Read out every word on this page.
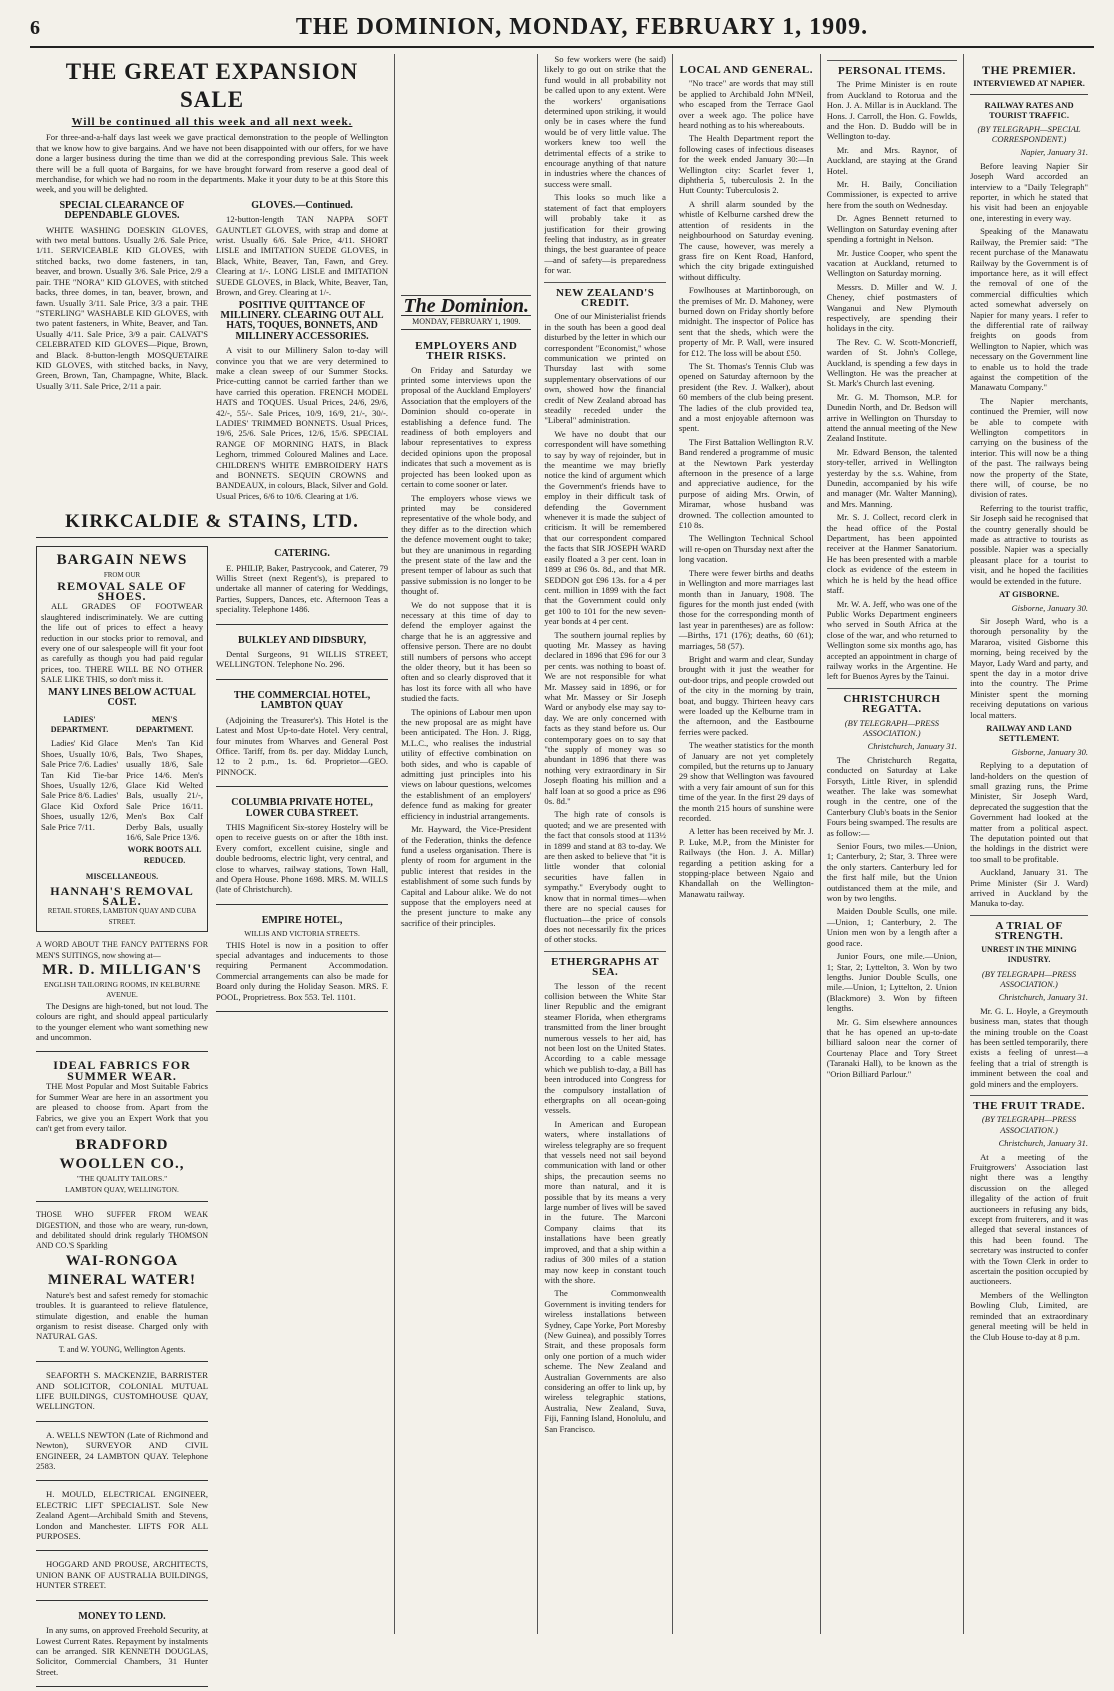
6	THE DOMINION, MONDAY, FEBRUARY 1, 1909.
THE GREAT EXPANSION SALE
Will be continued all this week and all next week.

For three-and-a-half days last week we gave practical demonstration to the people of Wellington that we know how to give bargains. And we have not been disappointed with our offers, for we have done a larger business during the time than we did at the corresponding previous Sale. This week there will be a full quota of Bargains, for we have brought forward from reserve a good deal of merchandise, for which we had no room in the departments. Make it your duty to be at this Store this week, and you will be delighted.

SPECIAL CLEARANCE OF DEPENDABLE GLOVES.

WHITE WASHING DOESKIN GLOVES, with two metal buttons. Usually 2/6. Sale Price, 1/11. SERVICEABLE KID GLOVES, with stitched backs, two dome fasteners, in tan, beaver, and brown. Usually 3/6. Sale Price, 2/9 a pair. THE "NORA" KID GLOVES, with stitched backs, three domes, in tan, beaver, brown, and fawn. Usually 3/11. Sale Price, 3/3 a pair. THE "STERLING" WASHABLE KID GLOVES, with two patent fasteners, in White, Beaver, and Tan. Usually 4/11. Sale Price, 3/9 a pair. CALVAT'S CELEBRATED KID GLOVES—Pique, Brown, and Black. 8-button-length MOSQUETAIRE KID GLOVES, with stitched backs, in Navy, Green, Brown, Tan, Champagne, White, Black. Usually 3/11. Sale Price, 2/11 a pair.

GLOVES.—Continued.

12-button-length TAN NAPPA SOFT GAUNTLET GLOVES, with strap and dome at wrist. Usually 6/6. Sale Price, 4/11. SHORT LISLE and IMITATION SUEDE GLOVES, in Black, White, Beaver, Tan, Fawn, and Grey. Clearing at 1/-. LONG LISLE and IMITATION SUEDE GLOVES, in Black, White, Beaver, Tan, Brown, and Grey. Clearing at 1/-.

POSITIVE QUITTANCE OF MILLINERY. CLEARING OUT ALL HATS, TOQUES, BONNETS, AND MILLINERY ACCESSORIES.

A visit to our Millinery Salon to-day will convince you that we are very determined to make a clean sweep of our Summer Stocks. Price-cutting cannot be carried farther than we have carried this operation. FRENCH MODEL HATS and TOQUES. Usual Prices, 24/6, 29/6, 42/-, 55/-. Sale Prices, 10/9, 16/9, 21/-, 30/-. LADIES' TRIMMED BONNETS. Usual Prices, 19/6, 25/6. Sale Prices, 12/6, 15/6. SPECIAL RANGE OF MORNING HATS, in Black Leghorn, trimmed Coloured Malines and Lace. CHILDREN'S WHITE EMBROIDERY HATS and BONNETS. SEQUIN CROWNS and BANDEAUX, in colours, Black, Silver and Gold. Usual Prices, 6/6 to 10/6. Clearing at 1/6.

KIRKCALDIE & STAINS, LTD.
BARGAIN NEWS
FROM OUR
REMOVAL SALE OF SHOES.

ALL GRADES OF FOOTWEAR slaughtered indiscriminately. We are cutting the life out of prices to effect a heavy reduction in our stocks prior to removal, and every one of our salespeople will fit your foot as carefully as though you had paid regular prices, too. THERE WILL BE NO OTHER SALE LIKE THIS, so don't miss it.

MANY LINES BELOW ACTUAL COST.
LADIES' DEPARTMENT.

Ladies' Kid Glace Shoes, Usually 10/6, Sale Price 7/6. Ladies' Tan Kid Tie-bar Shoes, Usually 12/6, Sale Price 8/6. Ladies' Glace Kid Oxford Shoes, usually 12/6, Sale Price 7/11.

MEN'S DEPARTMENT.

Men's Tan Kid Bals, Two Shapes, usually 18/6, Sale Price 14/6. Men's Glace Kid Welted Bals, usually 21/-, Sale Price 16/11. Men's Box Calf Derby Bals, usually 16/6, Sale Price 13/6.

WORK BOOTS ALL REDUCED.
MISCELLANEOUS.
HANNAH'S REMOVAL SALE.
RETAIL STORES, LAMBTON QUAY AND CUBA STREET.
A WORD ABOUT THE FANCY PATTERNS FOR MEN'S SUITINGS, now showing at—
MR. D. MILLIGAN'S
ENGLISH TAILORING ROOMS, IN KELBURNE AVENUE.

The Designs are high-toned, but not loud. The colours are right, and should appeal particularly to the younger element who want something new and uncommon.

IDEAL FABRICS FOR SUMMER WEAR.

THE Most Popular and Most Suitable Fabrics for Summer Wear are here in an assortment you are pleased to choose from. Apart from the Fabrics, we give you an Expert Work that you can't get from every tailor.

BRADFORD WOOLLEN CO.,
"THE QUALITY TAILORS."
LAMBTON QUAY, WELLINGTON.
THOSE WHO SUFFER FROM WEAK DIGESTION, and those who are weary, run-down, and debilitated should drink regularly THOMSON AND CO.'S Sparkling
WAI-RONGOA MINERAL WATER!

Nature's best and safest remedy for stomachic troubles. It is guaranteed to relieve flatulence, stimulate digestion, and enable the human organism to resist disease. Charged only with NATURAL GAS.

T. and W. YOUNG, Wellington Agents.

SEAFORTH S. MACKENZIE, BARRISTER AND SOLICITOR, COLONIAL MUTUAL LIFE BUILDINGS, CUSTOMHOUSE QUAY, WELLINGTON.

A. WELLS NEWTON (Late of Richmond and Newton), SURVEYOR AND CIVIL ENGINEER, 24 LAMBTON QUAY. Telephone 2583.

H. MOULD, ELECTRICAL ENGINEER, ELECTRIC LIFT SPECIALIST. Sole New Zealand Agent—Archibald Smith and Stevens, London and Manchester. LIFTS FOR ALL PURPOSES.

HOGGARD AND PROUSE, ARCHITECTS, UNION BANK OF AUSTRALIA BUILDINGS, HUNTER STREET.

MONEY TO LEND.

In any sums, on approved Freehold Security, at Lowest Current Rates. Repayment by instalments can be arranged. SIR KENNETH DOUGLAS, Solicitor, Commercial Chambers, 31 Hunter Street.

CATERING.

E. PHILIP, Baker, Pastrycook, and Caterer, 79 Willis Street (next Regent's), is prepared to undertake all manner of catering for Weddings, Parties, Suppers, Dances, etc. Afternoon Teas a speciality. Telephone 1486.

BULKLEY AND DIDSBURY,

Dental Surgeons, 91 WILLIS STREET, WELLINGTON. Telephone No. 296.

THE COMMERCIAL HOTEL, LAMBTON QUAY

(Adjoining the Treasurer's). This Hotel is the Latest and Most Up-to-date Hotel. Very central, four minutes from Wharves and General Post Office. Tariff, from 8s. per day. Midday Lunch, 12 to 2 p.m., 1s. 6d. Proprietor—GEO. PINNOCK.

COLUMBIA PRIVATE HOTEL, LOWER CUBA STREET.

THIS Magnificent Six-storey Hostelry will be open to receive guests on or after the 18th inst. Every comfort, excellent cuisine, single and double bedrooms, electric light, very central, and close to wharves, railway stations, Town Hall, and Opera House. Phone 1698. MRS. M. WILLS (late of Christchurch).

EMPIRE HOTEL,
WILLIS AND VICTORIA STREETS.

THIS Hotel is now in a position to offer special advantages and inducements to those requiring Permanent Accommodation. Commercial arrangements can also be made for Board only during the Holiday Season. MRS. F. POOL, Proprietress. Box 553. Tel. 1101.

The Dominion.
MONDAY, FEBRUARY 1, 1909.
EMPLOYERS AND THEIR RISKS.

On Friday and Saturday we printed some interviews upon the proposal of the Auckland Employers' Association that the employers of the Dominion should co-operate in establishing a defence fund. The readiness of both employers and labour representatives to express decided opinions upon the proposal indicates that such a movement as is projected has been looked upon as certain to come sooner or later.

The employers whose views we printed may be considered representative of the whole body, and they differ as to the direction which the defence movement ought to take; but they are unanimous in regarding the present state of the law and the present temper of labour as such that passive submission is no longer to be thought of.

We do not suppose that it is necessary at this time of day to defend the employer against the charge that he is an aggressive and offensive person. There are no doubt still numbers of persons who accept the older theory, but it has been so often and so clearly disproved that it has lost its force with all who have studied the facts.

The opinions of Labour men upon the new proposal are as might have been anticipated. The Hon. J. Rigg, M.L.C., who realises the industrial utility of effective combination on both sides, and who is capable of admitting just principles into his views on labour questions, welcomes the establishment of an employers' defence fund as making for greater efficiency in industrial arrangements.

Mr. Hayward, the Vice-President of the Federation, thinks the defence fund a useless organisation. There is plenty of room for argument in the public interest that resides in the establishment of some such funds by Capital and Labour alike. We do not suppose that the employers need at the present juncture to make any sacrifice of their principles.

So few workers were (he said) likely to go out on strike that the fund would in all probability not be called upon to any extent. Were the workers' organisations determined upon striking, it would only be in cases where the fund would be of very little value. The workers knew too well the detrimental effects of a strike to encourage anything of that nature in industries where the chances of success were small.

This looks so much like a statement of fact that employers will probably take it as justification for their growing feeling that industry, as in greater things, the best guarantee of peace—and of safety—is preparedness for war.

NEW ZEALAND'S CREDIT.

One of our Ministerialist friends in the south has been a good deal disturbed by the letter in which our correspondent "Economist," whose communication we printed on Thursday last with some supplementary observations of our own, showed how the financial credit of New Zealand abroad has steadily receded under the "Liberal" administration.

We have no doubt that our correspondent will have something to say by way of rejoinder, but in the meantime we may briefly notice the kind of argument which the Government's friends have to employ in their difficult task of defending the Government whenever it is made the subject of criticism. It will be remembered that our correspondent compared the facts that SIR JOSEPH WARD easily floated a 3 per cent. loan in 1899 at £96 0s. 8d., and that MR. SEDDON got £96 13s. for a 4 per cent. million in 1899 with the fact that the Government could only get 100 to 101 for the new seven-year bonds at 4 per cent.

The southern journal replies by quoting Mr. Massey as having declared in 1896 that £96 for our 3 per cents. was nothing to boast of. We are not responsible for what Mr. Massey said in 1896, or for what Mr. Massey or Sir Joseph Ward or anybody else may say to-day. We are only concerned with facts as they stand before us. Our contemporary goes on to say that "the supply of money was so abundant in 1896 that there was nothing very extraordinary in Sir Joseph floating his million and a half loan at so good a price as £96 0s. 8d."

The high rate of consols is quoted; and we are presented with the fact that consols stood at 113½ in 1899 and stand at 83 to-day. We are then asked to believe that "it is little wonder that colonial securities have fallen in sympathy." Everybody ought to know that in normal times—when there are no special causes for fluctuation—the price of consols does not necessarily fix the prices of other stocks.

ETHERGRAPHS AT SEA.

The lesson of the recent collision between the White Star liner Republic and the emigrant steamer Florida, when ethergrams transmitted from the liner brought numerous vessels to her aid, has not been lost on the United States. According to a cable message which we publish to-day, a Bill has been introduced into Congress for the compulsory installation of ethergraphs on all ocean-going vessels.

In American and European waters, where installations of wireless telegraphy are so frequent that vessels need not sail beyond communication with land or other ships, the precaution seems no more than natural, and it is possible that by its means a very large number of lives will be saved in the future. The Marconi Company claims that its installations have been greatly improved, and that a ship within a radius of 300 miles of a station may now keep in constant touch with the shore.

The Commonwealth Government is inviting tenders for wireless installations between Sydney, Cape Yorke, Port Moresby (New Guinea), and possibly Torres Strait, and these proposals form only one portion of a much wider scheme. The New Zealand and Australian Governments are also considering an offer to link up, by wireless telegraphic stations, Australia, New Zealand, Suva, Fiji, Fanning Island, Honolulu, and San Francisco.

LOCAL AND GENERAL.

"No trace" are words that may still be applied to Archibald John M'Neil, who escaped from the Terrace Gaol over a week ago. The police have heard nothing as to his whereabouts.

The Health Department report the following cases of infectious diseases for the week ended January 30:—In Wellington city: Scarlet fever 1, diphtheria 5, tuberculosis 2. In the Hutt County: Tuberculosis 2.

A shrill alarm sounded by the whistle of Kelburne carshed drew the attention of residents in the neighbourhood on Saturday evening. The cause, however, was merely a grass fire on Kent Road, Hanford, which the city brigade extinguished without difficulty.

Fowlhouses at Martinborough, on the premises of Mr. D. Mahoney, were burned down on Friday shortly before midnight. The inspector of Police has sent that the sheds, which were the property of Mr. P. Wall, were insured for £12. The loss will be about £50.

The St. Thomas's Tennis Club was opened on Saturday afternoon by the president (the Rev. J. Walker), about 60 members of the club being present. The ladies of the club provided tea, and a most enjoyable afternoon was spent.

The First Battalion Wellington R.V. Band rendered a programme of music at the Newtown Park yesterday afternoon in the presence of a large and appreciative audience, for the purpose of aiding Mrs. Orwin, of Miramar, whose husband was drowned. The collection amounted to £10 8s.

The Wellington Technical School will re-open on Thursday next after the long vacation.

There were fewer births and deaths in Wellington and more marriages last month than in January, 1908. The figures for the month just ended (with those for the corresponding month of last year in parentheses) are as follow:—Births, 171 (176); deaths, 60 (61); marriages, 58 (57).

Bright and warm and clear, Sunday brought with it just the weather for out-door trips, and people crowded out of the city in the morning by train, boat, and buggy. Thirteen heavy cars were loaded up the Kelburne tram in the afternoon, and the Eastbourne ferries were packed.

The weather statistics for the month of January are not yet completely compiled, but the returns up to January 29 show that Wellington was favoured with a very fair amount of sun for this time of the year. In the first 29 days of the month 215 hours of sunshine were recorded.

A letter has been received by Mr. J. P. Luke, M.P., from the Minister for Railways (the Hon. J. A. Millar) regarding a petition asking for a stopping-place between Ngaio and Khandallah on the Wellington-Manawatu railway.

PERSONAL ITEMS.

The Prime Minister is en route from Auckland to Rotorua and the Hon. J. A. Millar is in Auckland. The Hons. J. Carroll, the Hon. G. Fowlds, and the Hon. D. Buddo will be in Wellington to-day.

Mr. and Mrs. Raynor, of Auckland, are staying at the Grand Hotel.

Mr. H. Baily, Conciliation Commissioner, is expected to arrive here from the south on Wednesday.

Dr. Agnes Bennett returned to Wellington on Saturday evening after spending a fortnight in Nelson.

Mr. Justice Cooper, who spent the vacation at Auckland, returned to Wellington on Saturday morning.

Messrs. D. Miller and W. J. Cheney, chief postmasters of Wanganui and New Plymouth respectively, are spending their holidays in the city.

The Rev. C. W. Scott-Moncrieff, warden of St. John's College, Auckland, is spending a few days in Wellington. He was the preacher at St. Mark's Church last evening.

Mr. G. M. Thomson, M.P. for Dunedin North, and Dr. Bedson will arrive in Wellington on Thursday to attend the annual meeting of the New Zealand Institute.

Mr. Edward Benson, the talented story-teller, arrived in Wellington yesterday by the s.s. Wahine, from Dunedin, accompanied by his wife and manager (Mr. Walter Manning), and Mrs. Manning.

Mr. S. J. Collect, record clerk in the head office of the Postal Department, has been appointed receiver at the Hanmer Sanatorium. He has been presented with a marble clock as evidence of the esteem in which he is held by the head office staff.

Mr. W. A. Jeff, who was one of the Public Works Department engineers who served in South Africa at the close of the war, and who returned to Wellington some six months ago, has accepted an appointment in charge of railway works in the Argentine. He left for Buenos Ayres by the Tainui.

CHRISTCHURCH REGATTA.
(BY TELEGRAPH—PRESS ASSOCIATION.)
Christchurch, January 31.

The Christchurch Regatta, conducted on Saturday at Lake Forsyth, Little River, in splendid weather. The lake was somewhat rough in the centre, one of the Canterbury Club's boats in the Senior Fours being swamped. The results are as follow:—

Senior Fours, two miles.—Union, 1; Canterbury, 2; Star, 3. Three were the only starters. Canterbury led for the first half mile, but the Union outdistanced them at the mile, and won by two lengths.

Maiden Double Sculls, one mile.—Union, 1; Canterbury, 2. The Union men won by a length after a good race.

Junior Fours, one mile.—Union, 1; Star, 2; Lyttelton, 3. Won by two lengths. Junior Double Sculls, one mile.—Union, 1; Lyttelton, 2. Union (Blackmore) 3. Won by fifteen lengths.

Mr. G. Sim elsewhere announces that he has opened an up-to-date billiard saloon near the corner of Courtenay Place and Tory Street (Taranaki Hall), to be known as the "Orion Billiard Parlour."

THE PREMIER.
INTERVIEWED AT NAPIER.
RAILWAY RATES AND TOURIST TRAFFIC.
(BY TELEGRAPH—SPECIAL CORRESPONDENT.)
Napier, January 31.

Before leaving Napier Sir Joseph Ward accorded an interview to a "Daily Telegraph" reporter, in which he stated that his visit had been an enjoyable one, interesting in every way.

Speaking of the Manawatu Railway, the Premier said: "The recent purchase of the Manawatu Railway by the Government is of importance here, as it will effect the removal of one of the commercial difficulties which acted somewhat adversely on Napier for many years. I refer to the differential rate of railway freights on goods from Wellington to Napier, which was necessary on the Government line to enable us to hold the trade against the competition of the Manawatu Company."

The Napier merchants, continued the Premier, will now be able to compete with Wellington competitors in carrying on the business of the interior. This will now be a thing of the past. The railways being now the property of the State, there will, of course, be no division of rates.

Referring to the tourist traffic, Sir Joseph said he recognised that the country generally should be made as attractive to tourists as possible. Napier was a specially pleasant place for a tourist to visit, and he hoped the facilities would be extended in the future.

AT GISBORNE.
Gisborne, January 30.

Sir Joseph Ward, who is a thorough personality by the Mararoa, visited Gisborne this morning, being received by the Mayor, Lady Ward and party, and spent the day in a motor drive into the country. The Prime Minister spent the morning receiving deputations on various local matters.

RAILWAY AND LAND SETTLEMENT.
Gisborne, January 30.

Replying to a deputation of land-holders on the question of small grazing runs, the Prime Minister, Sir Joseph Ward, deprecated the suggestion that the Government had looked at the matter from a political aspect. The deputation pointed out that the holdings in the district were too small to be profitable.

Auckland, January 31. The Prime Minister (Sir J. Ward) arrived in Auckland by the Manuka to-day.

A TRIAL OF STRENGTH.
UNREST IN THE MINING INDUSTRY.
(BY TELEGRAPH—PRESS ASSOCIATION.)
Christchurch, January 31.

Mr. G. L. Hoyle, a Greymouth business man, states that though the mining trouble on the Coast has been settled temporarily, there exists a feeling of unrest—a feeling that a trial of strength is imminent between the coal and gold miners and the employers.

THE FRUIT TRADE.
(BY TELEGRAPH—PRESS ASSOCIATION.)
Christchurch, January 31.

At a meeting of the Fruitgrowers' Association last night there was a lengthy discussion on the alleged illegality of the action of fruit auctioneers in refusing any bids, except from fruiterers, and it was alleged that several instances of this had been found. The secretary was instructed to confer with the Town Clerk in order to ascertain the position occupied by auctioneers.

Members of the Wellington Bowling Club, Limited, are reminded that an extraordinary general meeting will be held in the Club House to-day at 8 p.m.
